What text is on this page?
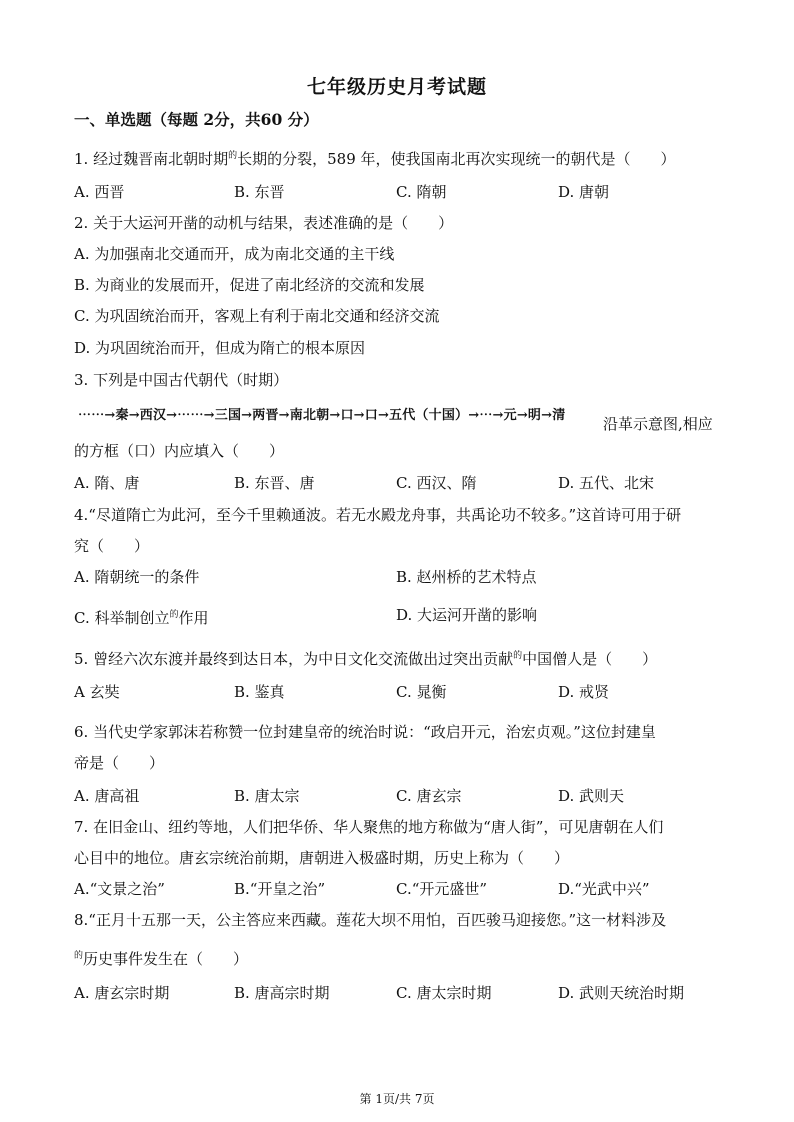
七年级历史月考试题
一、单选题（每题 2分，共60 分）
1. 经过魏晋南北朝时期$^的$长期的分裂，589 年，使我国南北再次实现统一的朝代是（　　）
A. 西晋	B. 东晋	C. 隋朝	D. 唐朝
2. 关于大运河开凿的动机与结果，表述准确的是（　　）
A. 为加强南北交通而开，成为南北交通的主干线
B. 为商业的发展而开，促进了南北经济的交流和发展
C. 为巩固统治而开，客观上有利于南北交通和经济交流
D. 为巩固统治而开，但成为隋亡的根本原因
3. 下列是中国古代朝代（时期）
⋯⋯→秦→西汉→⋯⋯→三国→两晋→南北朝→口→口→五代（十国）→⋯→元→明→清	沿革示意图,相应
的方框（口）内应填入（　　）
A. 隋、唐	B. 东晋、唐	C. 西汉、隋	D. 五代、北宋
4.“尽道隋亡为此河，至今千里赖通波。若无水殿龙舟事，共禹论功不较多。”这首诗可用于研
究（　　）
A. 隋朝统一的条件	B. 赵州桥的艺术特点
C. 科举制创立$^的$作用	D. 大运河开凿的影响
5. 曾经六次东渡并最终到达日本，为中日文化交流做出过突出贡献$^的$中国僧人是（　　）
A 玄奘	B. 鉴真	C. 晁衡	D. 戒贤
6. 当代史学家郭沫若称赞一位封建皇帝的统治时说：“政启开元，治宏贞观。”这位封建皇
帝是（　　）
A. 唐高祖	B. 唐太宗	C. 唐玄宗	D. 武则天
7. 在旧金山、纽约等地，人们把华侨、华人聚焦的地方称做为“唐人街”，可见唐朝在人们
心目中的地位。唐玄宗统治前期，唐朝进入极盛时期，历史上称为（　　）
A.“文景之治”	B.“开皇之治”	C.“开元盛世”	D.“光武中兴”
8.“正月十五那一天，公主答应来西藏。莲花大坝不用怕，百匹骏马迎接您。”这一材料涉及
$^的$历史事件发生在（　　）
A. 唐玄宗时期	B. 唐高宗时期	C. 唐太宗时期	D. 武则天统治时期
第 1页/共 7页
